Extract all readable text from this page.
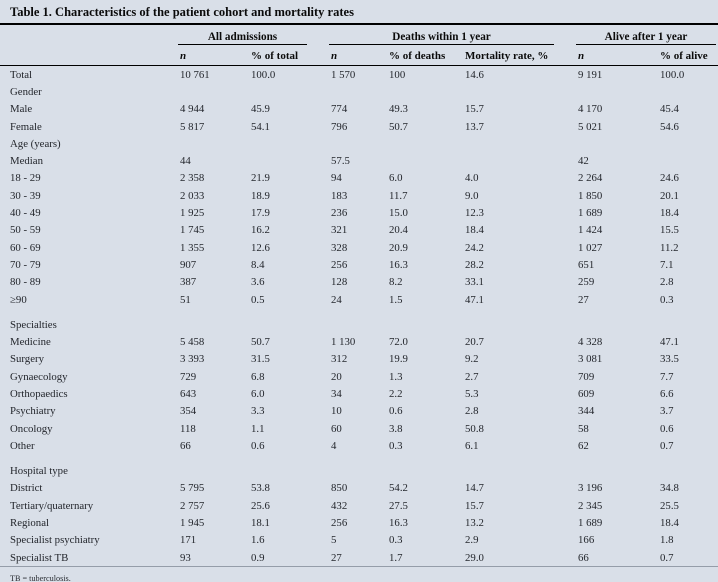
Table 1. Characteristics of the patient cohort and mortality rates

	All admissions		Deaths within 1 year			Alive after 1 year	

	n	% of total	n	% of deaths	Mortality rate, %	n	% of alive
Total	10 761	100.0	1 570	100	14.6	9 191	100.0
Gender							
Male	4 944	45.9	774	49.3	15.7	4 170	45.4
Female	5 817	54.1	796	50.7	13.7	5 021	54.6
Age (years)							
Median	44		57.5			42	
18 - 29	2 358	21.9	94	6.0	4.0	2 264	24.6
30 - 39	2 033	18.9	183	11.7	9.0	1 850	20.1
40 - 49	1 925	17.9	236	15.0	12.3	1 689	18.4
50 - 59	1 745	16.2	321	20.4	18.4	1 424	15.5
60 - 69	1 355	12.6	328	20.9	24.2	1 027	11.2
70 - 79	907	8.4	256	16.3	28.2	651	7.1
80 - 89	387	3.6	128	8.2	33.1	259	2.8
≥90	51	0.5	24	1.5	47.1	27	0.3
Specialties							
Medicine	5 458	50.7	1 130	72.0	20.7	4 328	47.1
Surgery	3 393	31.5	312	19.9	9.2	3 081	33.5
Gynaecology	729	6.8	20	1.3	2.7	709	7.7
Orthopaedics	643	6.0	34	2.2	5.3	609	6.6
Psychiatry	354	3.3	10	0.6	2.8	344	3.7
Oncology	118	1.1	60	3.8	50.8	58	0.6
Other	66	0.6	4	0.3	6.1	62	0.7
Hospital type							
District	5 795	53.8	850	54.2	14.7	3 196	34.8
Tertiary/quaternary	2 757	25.6	432	27.5	15.7	2 345	25.5
Regional	1 945	18.1	256	16.3	13.2	1 689	18.4
Specialist psychiatry	171	1.6	5	0.3	2.9	166	1.8
Specialist TB	93	0.9	27	1.7	29.0	66	0.7
TB = tuberculosis.
